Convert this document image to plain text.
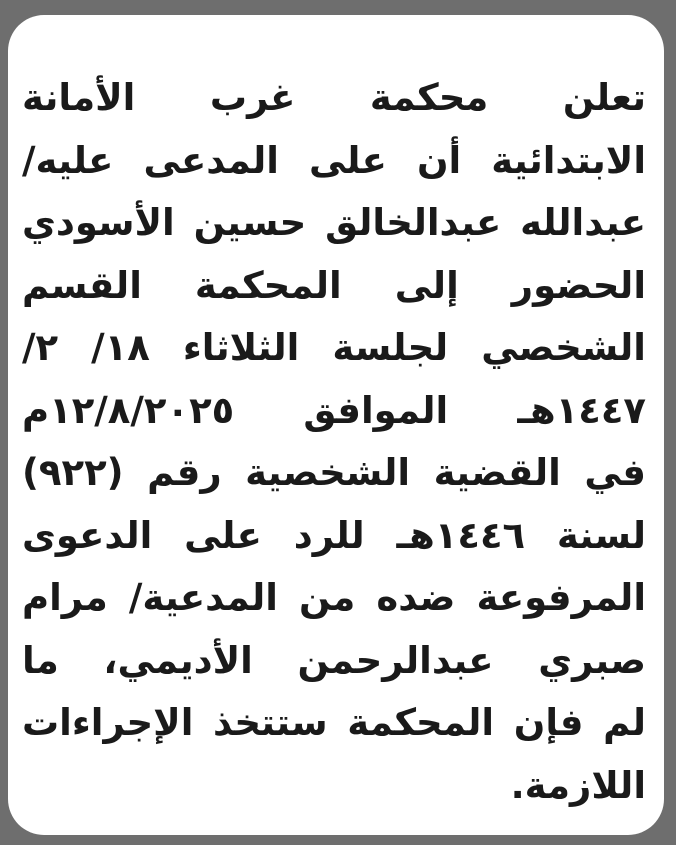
تعلن محكمة غرب الأمانة
الابتدائية أن على المدعى عليه/
عبدالله عبدالخالق حسين الأسودي
الحضور إلى المحكمة القسم
الشخصي لجلسة الثلاثاء ١٨/ ٢/
١٤٤٧هـ الموافق ١٢/٨/٢٠٢٥م
في القضية الشخصية رقم (٩٢٢)
لسنة ١٤٤٦هـ للرد على الدعوى
المرفوعة ضده من المدعية/ مرام
صبري عبدالرحمن الأديمي، ما
لم فإن المحكمة ستتخذ الإجراءات
اللازمة.
